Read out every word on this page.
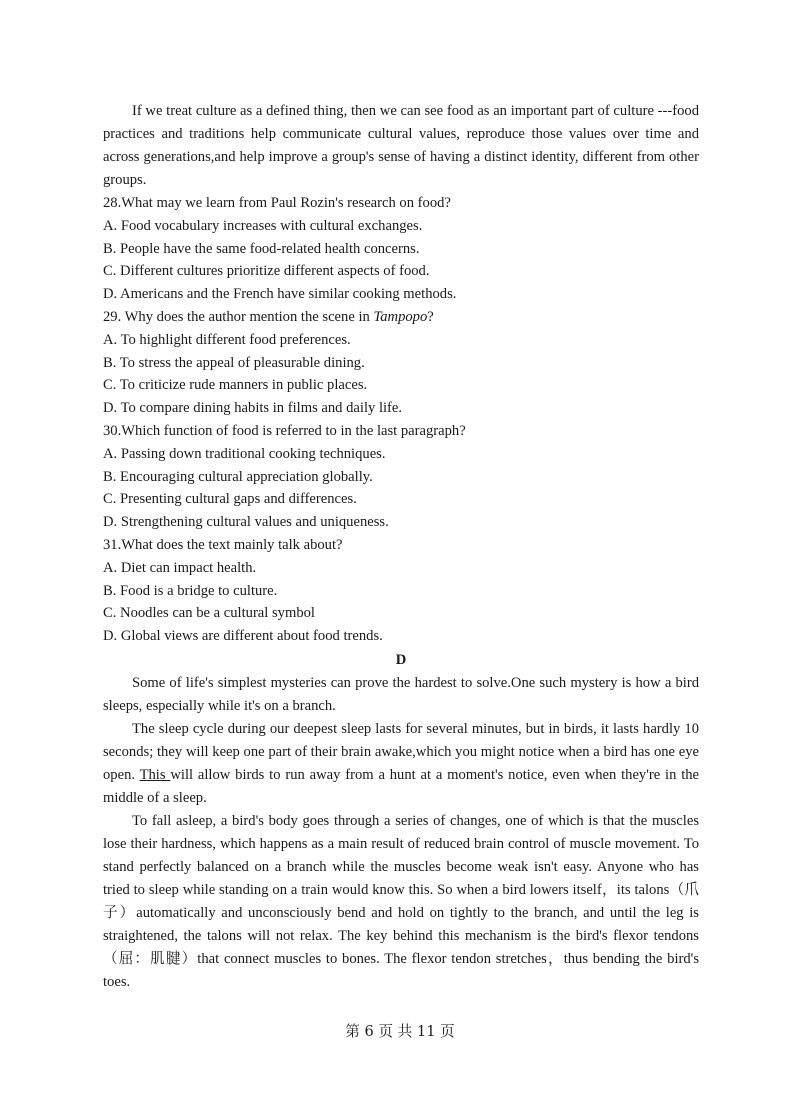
If we treat culture as a defined thing, then we can see food as an important part of culture ---food practices and traditions help communicate cultural values, reproduce those values over time and across generations,and help improve a group's sense of having a distinct identity, different from other groups.

28.What may we learn from Paul Rozin's research on food?

A. Food vocabulary increases with cultural exchanges.

B. People have the same food-related health concerns.

C. Different cultures prioritize different aspects of food.

D. Americans and the French have similar cooking methods.

29. Why does the author mention the scene in Tampopo?

A. To highlight different food preferences.

B. To stress the appeal of pleasurable dining.

C. To criticize rude manners in public places.

D. To compare dining habits in films and daily life.

30.Which function of food is referred to in the last paragraph?

A. Passing down traditional cooking techniques.

B. Encouraging cultural appreciation globally.

C. Presenting cultural gaps and differences.

D. Strengthening cultural values and uniqueness.

31.What does the text mainly talk about?

A. Diet can impact health.

B. Food is a bridge to culture.

C. Noodles can be a cultural symbol

D. Global views are different about food trends.

D

Some of life's simplest mysteries can prove the hardest to solve.One such mystery is how a bird sleeps, especially while it's on a branch.

The sleep cycle during our deepest sleep lasts for several minutes, but in birds, it lasts hardly 10 seconds; they will keep one part of their brain awake,which you might notice when a bird has one eye open. This will allow birds to run away from a hunt at a moment's notice, even when they're in the middle of a sleep.

To fall asleep, a bird's body goes through a series of changes, one of which is that the muscles lose their hardness, which happens as a main result of reduced brain control of muscle movement. To stand perfectly balanced on a branch while the muscles become weak isn't easy. Anyone who has tried to sleep while standing on a train would know this. So when a bird lowers itself，its talons（爪子）automatically and unconsciously bend and hold on tightly to the branch, and until the leg is straightened, the talons will not relax. The key behind this mechanism is the bird's flexor tendons（屈：肌腱）that connect muscles to bones. The flexor tendon stretches，thus bending the bird's toes.

第 6 页 共 11 页
